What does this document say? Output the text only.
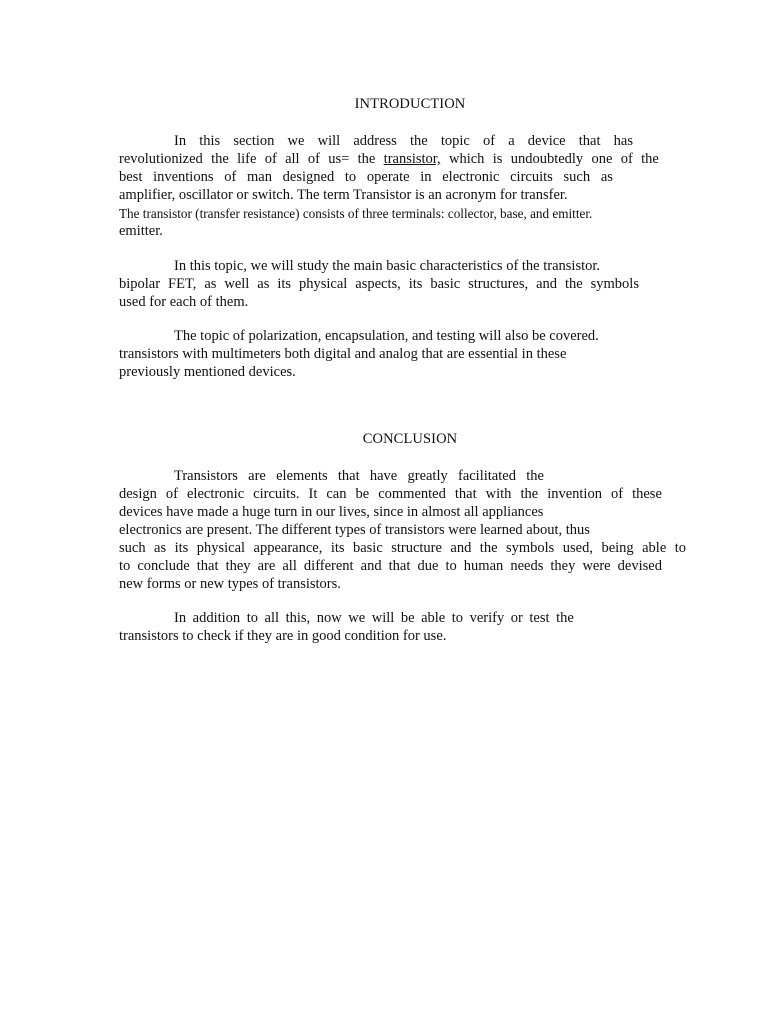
INTRODUCTION
In this section we will address the topic of a device that has
revolutionized the life of all of us= the transistor, which is undoubtedly one of the
best inventions of man designed to operate in electronic circuits such as

amplifier, oscillator or switch. The term Transistor is an acronym for transfer.

The transistor (transfer resistance) consists of three terminals: collector, base, and emitter.

emitter.

In this topic, we will study the main basic characteristics of the transistor.

bipolar FET, as well as its physical aspects, its basic structures, and the symbols

used for each of them.

The topic of polarization, encapsulation, and testing will also be covered.

transistors with multimeters both digital and analog that are essential in these

previously mentioned devices.

CONCLUSION
Transistors are elements that have greatly facilitated the
design of electronic circuits. It can be commented that with the invention of these

devices have made a huge turn in our lives, since in almost all appliances

electronics are present. The different types of transistors were learned about, thus

such as its physical appearance, its basic structure and the symbols used, being able to
to conclude that they are all different and that due to human needs they were devised

new forms or new types of transistors.

In addition to all this, now we will be able to verify or test the

transistors to check if they are in good condition for use.
